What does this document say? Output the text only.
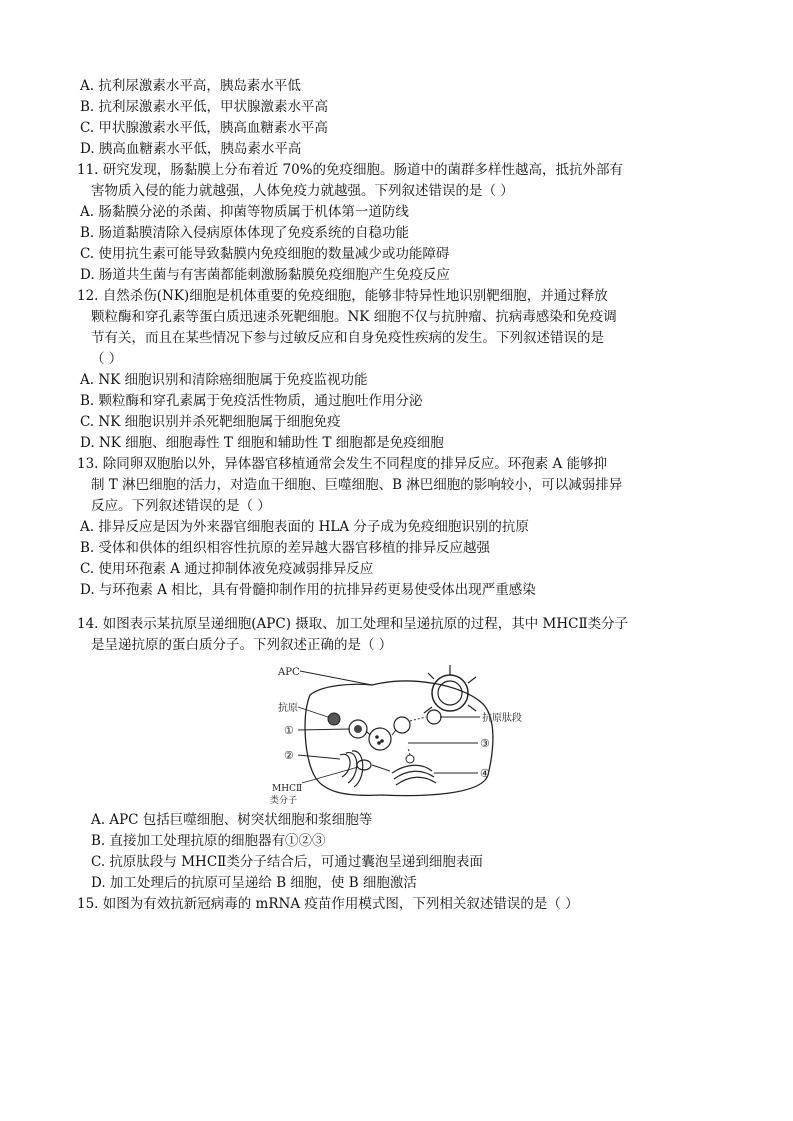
A. 抗利尿激素水平高，胰岛素水平低
B. 抗利尿激素水平低，甲状腺激素水平高
C. 甲状腺激素水平低，胰高血糖素水平高
D. 胰高血糖素水平低，胰岛素水平高
11. 研究发现，肠黏膜上分布着近 70%的免疫细胞。肠道中的菌群多样性越高，抵抗外部有
害物质入侵的能力就越强，人体免疫力就越强。下列叙述错误的是（ ）
A. 肠黏膜分泌的杀菌、抑菌等物质属于机体第一道防线
B. 肠道黏膜清除入侵病原体体现了免疫系统的自稳功能
C. 使用抗生素可能导致黏膜内免疫细胞的数量减少或功能障碍
D. 肠道共生菌与有害菌都能刺激肠黏膜免疫细胞产生免疫反应
12. 自然杀伤(NK)细胞是机体重要的免疫细胞，能够非特异性地识别靶细胞，并通过释放
颗粒酶和穿孔素等蛋白质迅速杀死靶细胞。NK 细胞不仅与抗肿瘤、抗病毒感染和免疫调
节有关，而且在某些情况下参与过敏反应和自身免疫性疾病的发生。下列叙述错误的是
（ ）
A. NK 细胞识别和清除癌细胞属于免疫监视功能
B. 颗粒酶和穿孔素属于免疫活性物质，通过胞吐作用分泌
C. NK 细胞识别并杀死靶细胞属于细胞免疫
D. NK 细胞、细胞毒性 T 细胞和辅助性 T 细胞都是免疫细胞
13. 除同卵双胞胎以外，异体器官移植通常会发生不同程度的排异反应。环孢素 A 能够抑
制 T 淋巴细胞的活力，对造血干细胞、巨噬细胞、B 淋巴细胞的影响较小，可以减弱排异
反应。下列叙述错误的是（ ）
A. 排异反应是因为外来器官细胞表面的 HLA 分子成为免疫细胞识别的抗原
B. 受体和供体的组织相容性抗原的差异越大器官移植的排异反应越强
C. 使用环孢素 A 通过抑制体液免疫减弱排异反应
D. 与环孢素 A 相比，具有骨髓抑制作用的抗排异药更易使受体出现严重感染
14. 如图表示某抗原呈递细胞(APC) 摄取、加工处理和呈递抗原的过程，其中 MHCⅡ类分子
是呈递抗原的蛋白质分子。下列叙述正确的是（ ）
APC
抗原
①
②
MHCⅡ
类分子
抗原肽段
③
④
A. APC 包括巨噬细胞、树突状细胞和浆细胞等
B. 直接加工处理抗原的细胞器有①②③
C. 抗原肽段与 MHCⅡ类分子结合后，可通过囊泡呈递到细胞表面
D. 加工处理后的抗原可呈递给 B 细胞，使 B 细胞激活
15. 如图为有效抗新冠病毒的 mRNA 疫苗作用模式图，下列相关叙述错误的是（ ）
